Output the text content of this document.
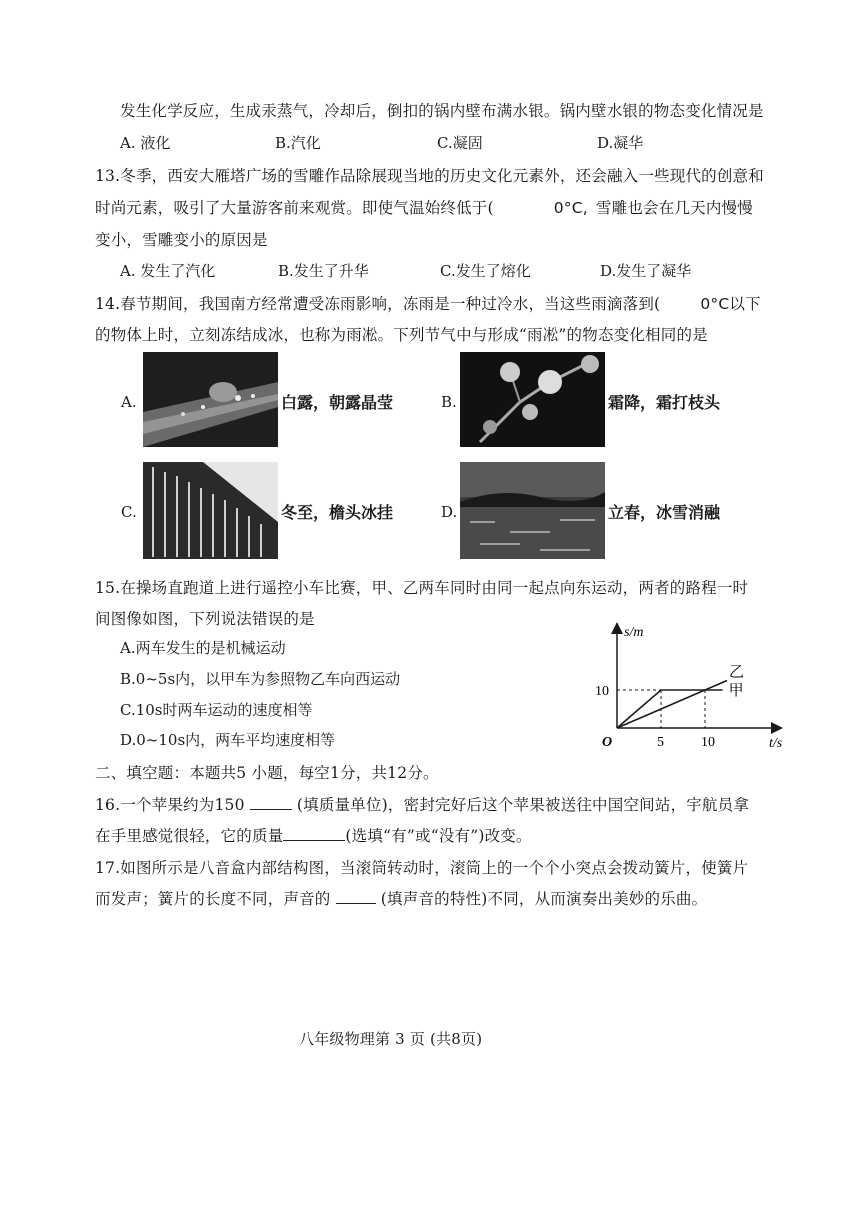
发生化学反应，生成汞蒸气，冷却后，倒扣的锅内壁布满水银。锅内壁水银的物态变化情况是
A. 液化	B.汽化	C.凝固	D.凝华
13.冬季，西安大雁塔广场的雪雕作品除展现当地的历史文化元素外，还会融入一些现代的创意和
时尚元素，吸引了大量游客前来观赏。即使气温始终低于(	0°C, 雪雕也会在几天内慢慢
变小，雪雕变小的原因是
A. 发生了汽化	B.发生了升华	C.发生了熔化	D.发生了凝华
14.春节期间，我国南方经常遭受冻雨影响，冻雨是一种过冷水，当这些雨滴落到(	0°C以下
的物体上时，立刻冻结成冰，也称为雨凇。下列节气中与形成“雨凇”的物态变化相同的是
A.	白露，朝露晶莹	B.	霜降，霜打枝头
C.	冬至，檐头冰挂	D.	立春，冰雪消融
15.在操场直跑道上进行遥控小车比赛，甲、乙两车同时由同一起点向东运动，两者的路程一时
间图像如图，下列说法错误的是
A.两车发生的是机械运动
B.0~5s内，以甲车为参照物乙车向西运动
C.10s时两车运动的速度相等
D.0~10s内，两车平均速度相等	5	10
10	甲
乙
s/m
t/s
O
二、填空题：本题共5 小题，每空1分，共12分。
16.一个苹果约为150	(填质量单位)，密封完好后这个苹果被送往中国空间站，宇航员拿
在手里感觉很轻，它的质量	(选填“有”或“没有”)改变。
17.如图所示是八音盒内部结构图，当滚筒转动时，滚筒上的一个个小突点会拨动簧片，使簧片
而发声；簧片的长度不同，声音的	(填声音的特性)不同，从而演奏出美妙的乐曲。
八年级物理第 3 页 (共8页)
